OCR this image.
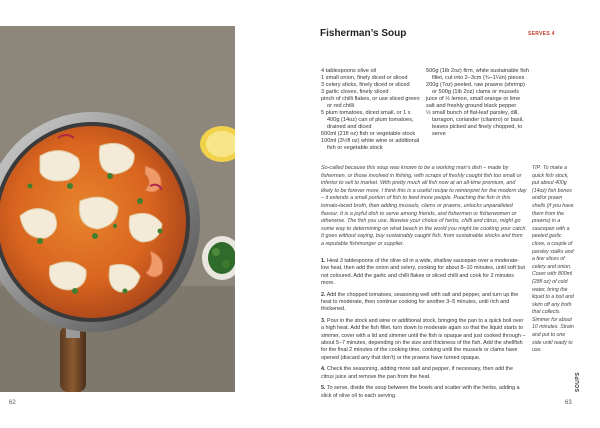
62
Fisherman’s Soup	SERVES 4
4 tablespoons olive oil
1 small onion, finely diced or sliced
3 celery sticks, finely diced or sliced
3 garlic cloves, finely sliced
pinch of chilli flakes, or use sliced green or red chilli
5 plum tomatoes, diced small, or 1 x 400g (14oz) can of plum tomatoes, drained and diced
600ml (21fl oz) fish or vegetable stock
100ml (3½fl oz) white wine or additional fish or vegetable stock
500g (1lb 2oz) firm, white sustainable fish fillet, cut into 2–3cm (¾–1¼in) pieces
200g (7oz) peeled, raw prawns (shrimp) or 500g (1lb 2oz) clams or mussels
juice of ½ lemon, small orange or lime
salt and freshly ground black pepper
½ small bunch of flat-leaf parsley, dill, tarragon, coriander (cilantro) or basil, leaves picked and finely chopped, to serve

So-called because this soup was known to be a working man’s dish – made by fishermen, or those involved in fishing, with scraps of freshly caught fish too small or inferior to sell to market. With pretty much all fish now at an all-time premium, and likely to be forever more, I think this is a useful recipe to reinterpret for the modern day – it extends a small portion of fish to feed more people. Poaching the fish in this tomato-laced broth, then adding mussels, clams or prawns, unlocks unparalleled flavour. It is a joyful dish to serve among friends, and fishermen or fisherwomen or otherwise. The fish you use, likewise your choice of herbs, chilli and citrus, might go some way to determining on what beach in the world you might be cooking your catch. It goes without saying, buy sustainably caught fish, from sustainable stocks and from a reputable fishmonger or supplier.

TIP: To make a quick fish stock, put about 400g (14oz) fish bones and/or prawn shells (if you have them from the prawns) in a saucepan with a peeled garlic clove, a couple of parsley stalks and a few slices of celery and onion. Cover with 800ml (28fl oz) of cold water, bring the liquid to a boil and skim off any froth that collects. Simmer for about 10 minutes. Strain and put to one side until ready to use.

1. Heat 3 tablespoons of the olive oil in a wide, shallow saucepan over a moderate-low heat, then add the onion and celery, cooking for about 8–10 minutes, until soft but not coloured. Add the garlic and chilli flakes or sliced chilli and cook for 2 minutes more.
2. Add the chopped tomatoes, seasoning well with salt and pepper, and turn up the heat to moderate, then continue cooking for another 3–5 minutes, until rich and thickened.
3. Pour in the stock and wine or additional stock, bringing the pan to a quick boil over a high heat. Add the fish fillet, turn down to moderate again so that the liquid starts to simmer, cover with a lid and simmer until the fish is opaque and just cooked through – about 5–7 minutes, depending on the size and thickness of the fish. Add the shellfish for the final 2 minutes of the cooking time, cooking until the mussels or clams have opened (discard any that don’t) or the prawns have turned opaque.
4. Check the seasoning, adding more salt and pepper, if necessary, then add the citrus juice and remove the pan from the heat.
5. To serve, divide the soup between the bowls and scatter with the herbs, adding a slick of olive oil to each serving.
SOUPS
63
